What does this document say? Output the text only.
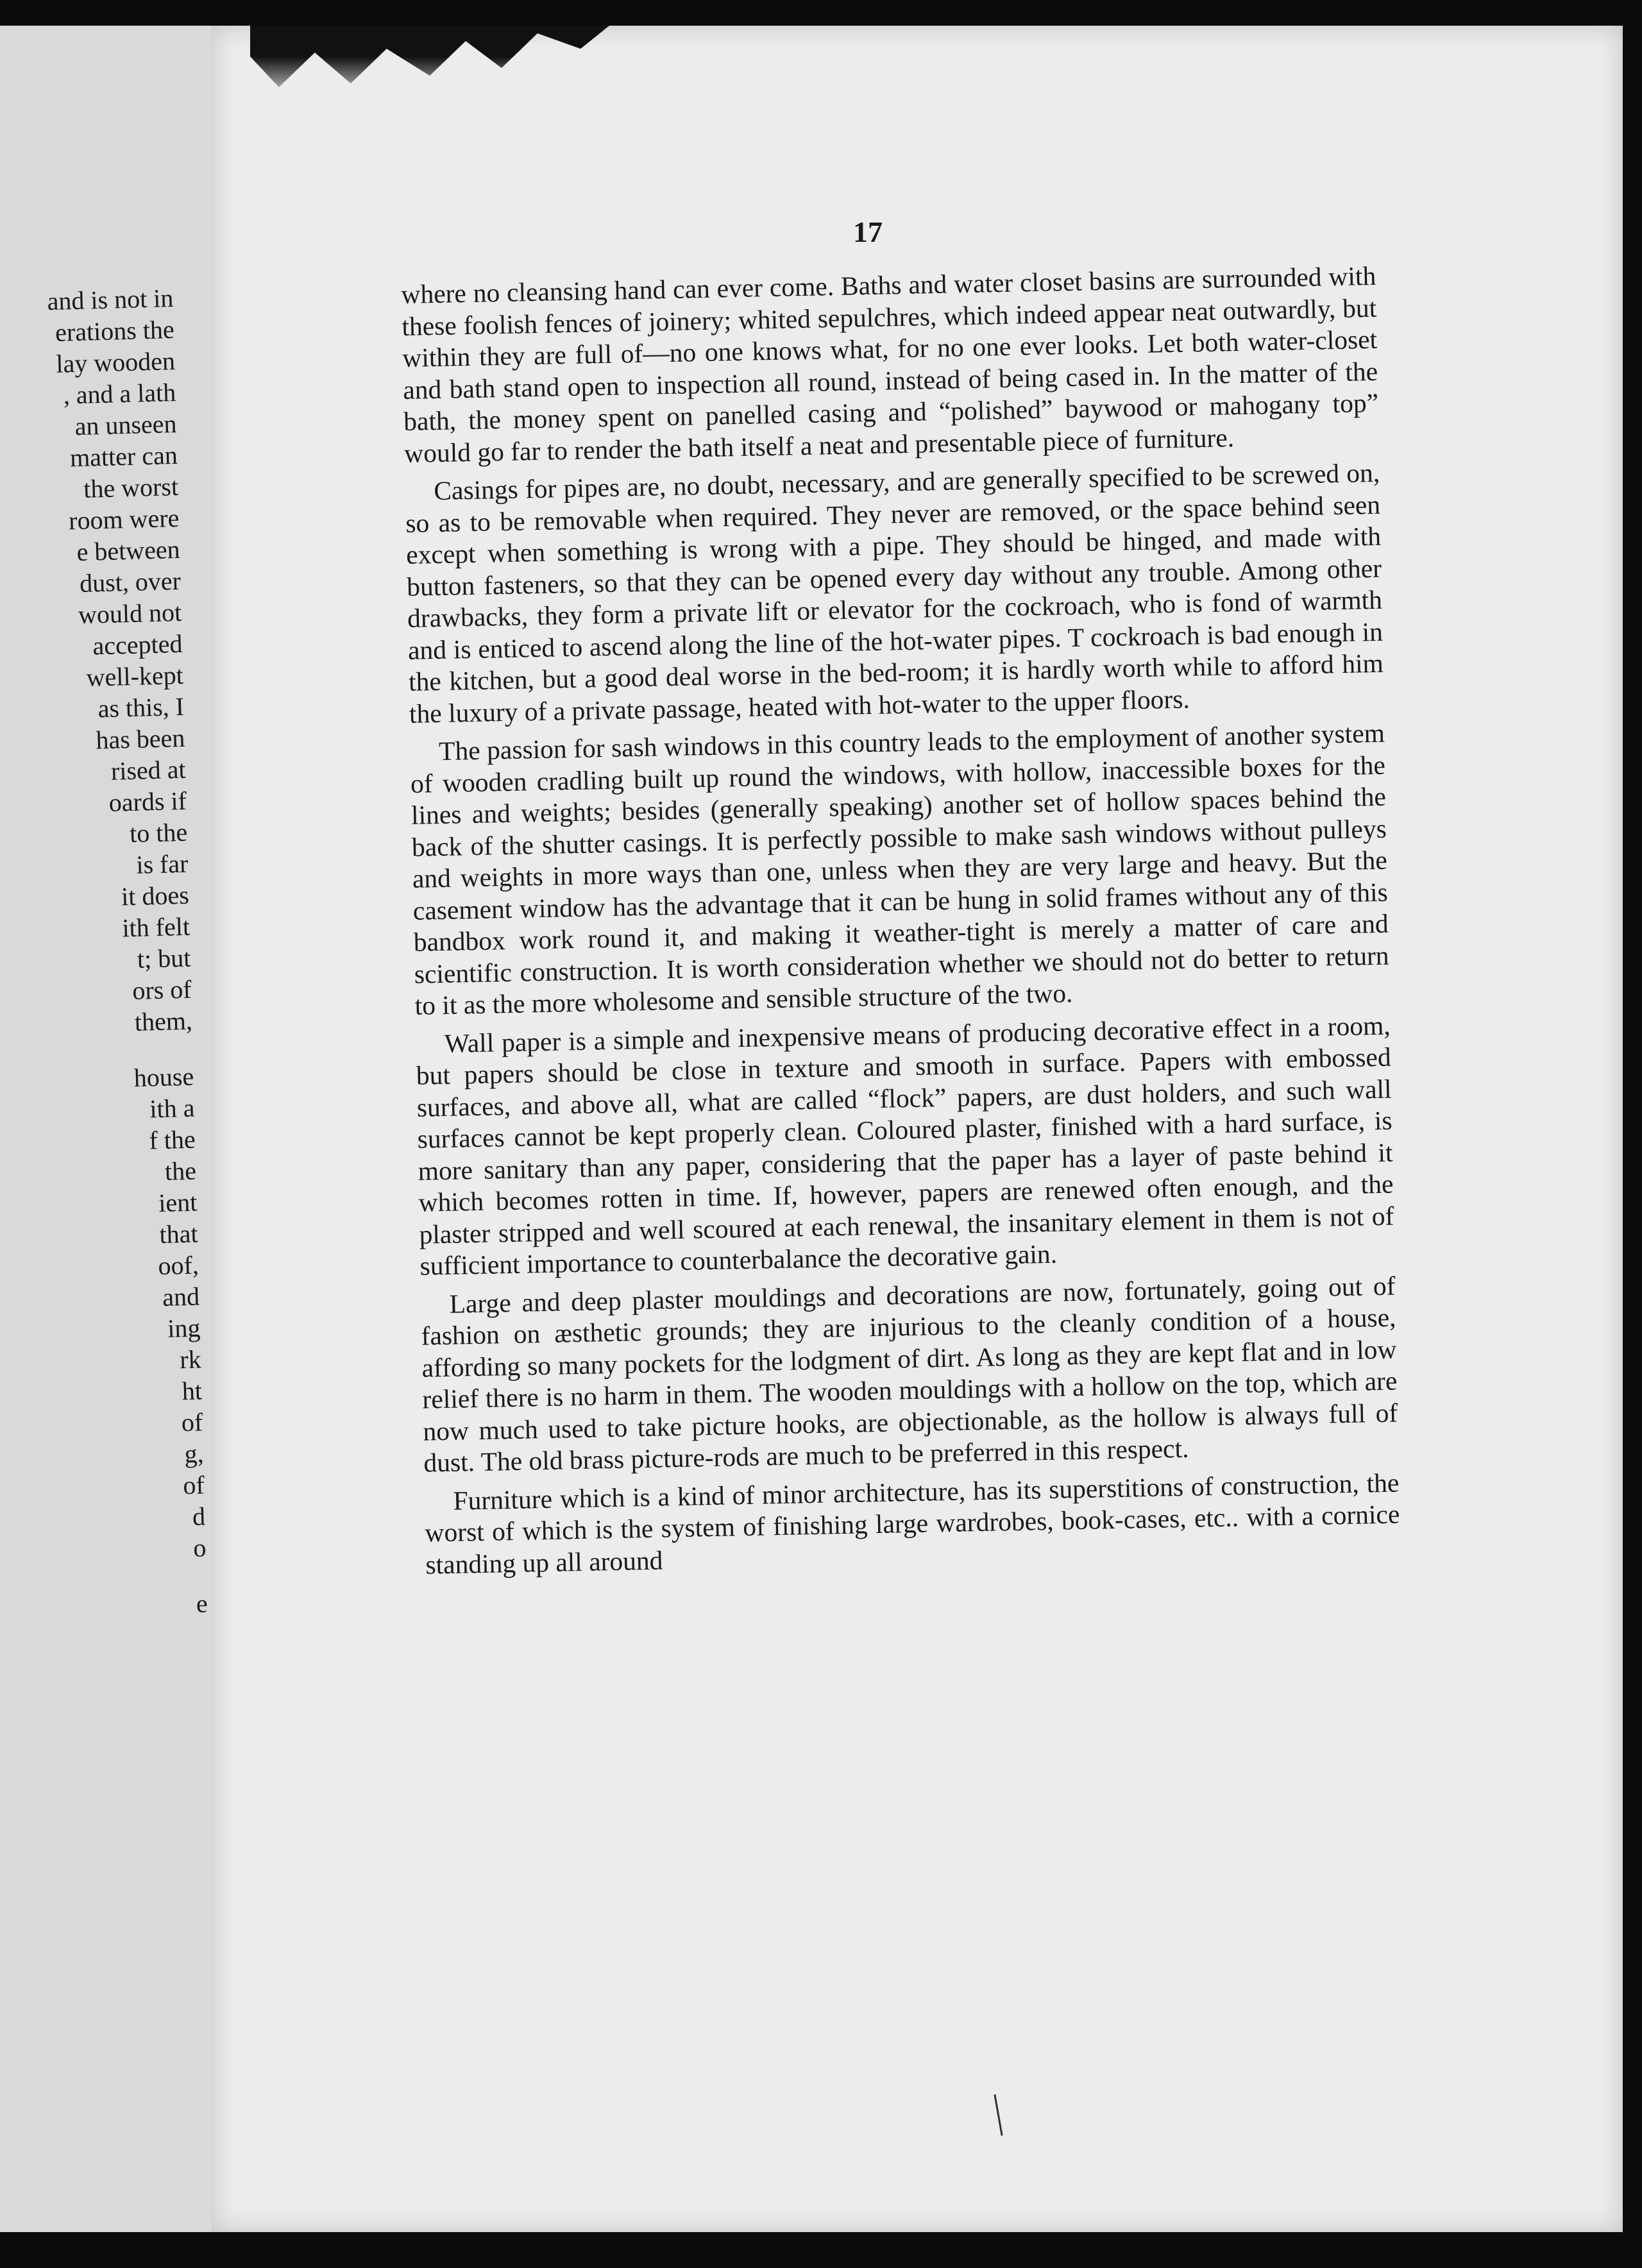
and is not in
erations the
lay wooden
, and a lath
an unseen
matter can
the worst
room were
e between
dust, over
would not
accepted
well-kept
as this, I
has been
rised at
oards if
to the
is far
it does
ith felt
t; but
ors of
them,
house
ith a
f the
the
ient
that
oof,
and
ing
rk
ht
of
g,
of
d
o
e
17

where no cleansing hand can ever come. Baths and water closet basins are surrounded with these foolish fences of joinery; whited sepulchres, which indeed appear neat outwardly, but within they are full of—no one knows what, for no one ever looks. Let both water-closet and bath stand open to inspection all round, instead of being cased in. In the matter of the bath, the money spent on panelled casing and “polished” baywood or mahogany top” would go far to render the bath itself a neat and presentable piece of furniture.

Casings for pipes are, no doubt, necessary, and are generally specified to be screwed on, so as to be removable when required. They never are removed, or the space behind seen except when something is wrong with a pipe. They should be hinged, and made with button fasteners, so that they can be opened every day without any trouble. Among other drawbacks, they form a private lift or elevator for the cockroach, who is fond of warmth and is enticed to ascend along the line of the hot-water pipes. T cockroach is bad enough in the kitchen, but a good deal worse in the bed-room; it is hardly worth while to afford him the luxury of a private passage, heated with hot-water to the upper floors.

The passion for sash windows in this country leads to the employment of another system of wooden cradling built up round the windows, with hollow, inaccessible boxes for the lines and weights; besides (generally speaking) another set of hollow spaces behind the back of the shutter casings. It is perfectly possible to make sash windows without pulleys and weights in more ways than one, unless when they are very large and heavy. But the casement window has the advantage that it can be hung in solid frames without any of this bandbox work round it, and making it weather-tight is merely a matter of care and scientific construction. It is worth consideration whether we should not do better to return to it as the more wholesome and sensible structure of the two.

Wall paper is a simple and inexpensive means of producing decorative effect in a room, but papers should be close in texture and smooth in surface. Papers with embossed surfaces, and above all, what are called “flock” papers, are dust holders, and such wall surfaces cannot be kept properly clean. Coloured plaster, finished with a hard surface, is more sanitary than any paper, considering that the paper has a layer of paste behind it which becomes rotten in time. If, however, papers are renewed often enough, and the plaster stripped and well scoured at each renewal, the insanitary element in them is not of sufficient importance to counterbalance the decorative gain.

Large and deep plaster mouldings and decorations are now, fortunately, going out of fashion on æsthetic grounds; they are injurious to the cleanly condition of a house, affording so many pockets for the lodgment of dirt. As long as they are kept flat and in low relief there is no harm in them. The wooden mouldings with a hollow on the top, which are now much used to take picture hooks, are objectionable, as the hollow is always full of dust. The old brass picture-rods are much to be preferred in this respect.

Furniture which is a kind of minor architecture, has its superstitions of construction, the worst of which is the system of finishing large wardrobes, book-cases, etc.. with a cornice standing up all around
